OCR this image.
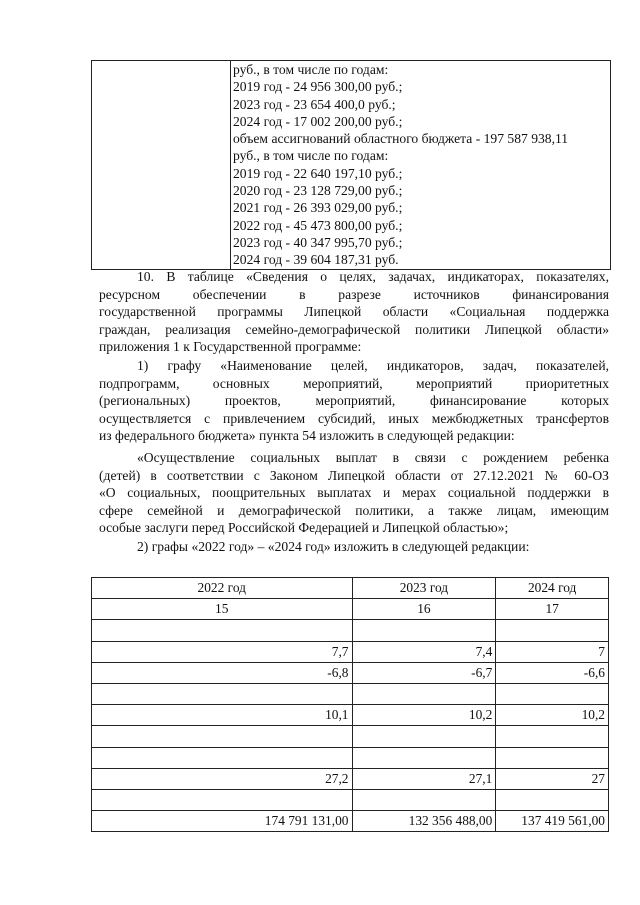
руб., в том числе по годам:
2019 год - 24 956 300,00 руб.;
2023 год - 23 654 400,0 руб.;
2024 год - 17 002 200,00 руб.;
объем ассигнований областного бюджета - 197 587 938,11
руб., в том числе по годам:
2019 год - 22 640 197,10 руб.;
2020 год - 23 128 729,00 руб.;
2021 год - 26 393 029,00 руб.;
2022 год - 45 473 800,00 руб.;
2023 год - 40 347 995,70 руб.;
2024 год - 39 604 187,31 руб.
10. В таблице «Сведения о целях, задачах, индикаторах, показателях,
ресурсном обеспечении в разрезе источников финансирования
государственной программы Липецкой области «Социальная поддержка
граждан, реализация семейно-демографической политики Липецкой области»
приложения 1 к Государственной программе:
1) графу «Наименование целей, индикаторов, задач, показателей,
подпрограмм, основных мероприятий, мероприятий приоритетных
(региональных) проектов, мероприятий, финансирование которых
осуществляется с привлечением субсидий, иных межбюджетных трансфертов
из федерального бюджета» пункта 54 изложить в следующей редакции:
«Осуществление социальных выплат в связи с рождением ребенка
(детей) в соответствии с Законом Липецкой области от 27.12.2021 № 60-ОЗ
«О социальных, поощрительных выплатах и мерах социальной поддержки в
сфере семейной и демографической политики, а также лицам, имеющим
особые заслуги перед Российской Федерацией и Липецкой областью»;
2) графы «2022 год» – «2024 год» изложить в следующей редакции:
2022 год	2023 год	2024 год
15	16	17

7,7	7,4	7
-6,8	-6,7	-6,6

10,1	10,2	10,2

27,2	27,1	27

174 791 131,00	132 356 488,00	137 419 561,00
